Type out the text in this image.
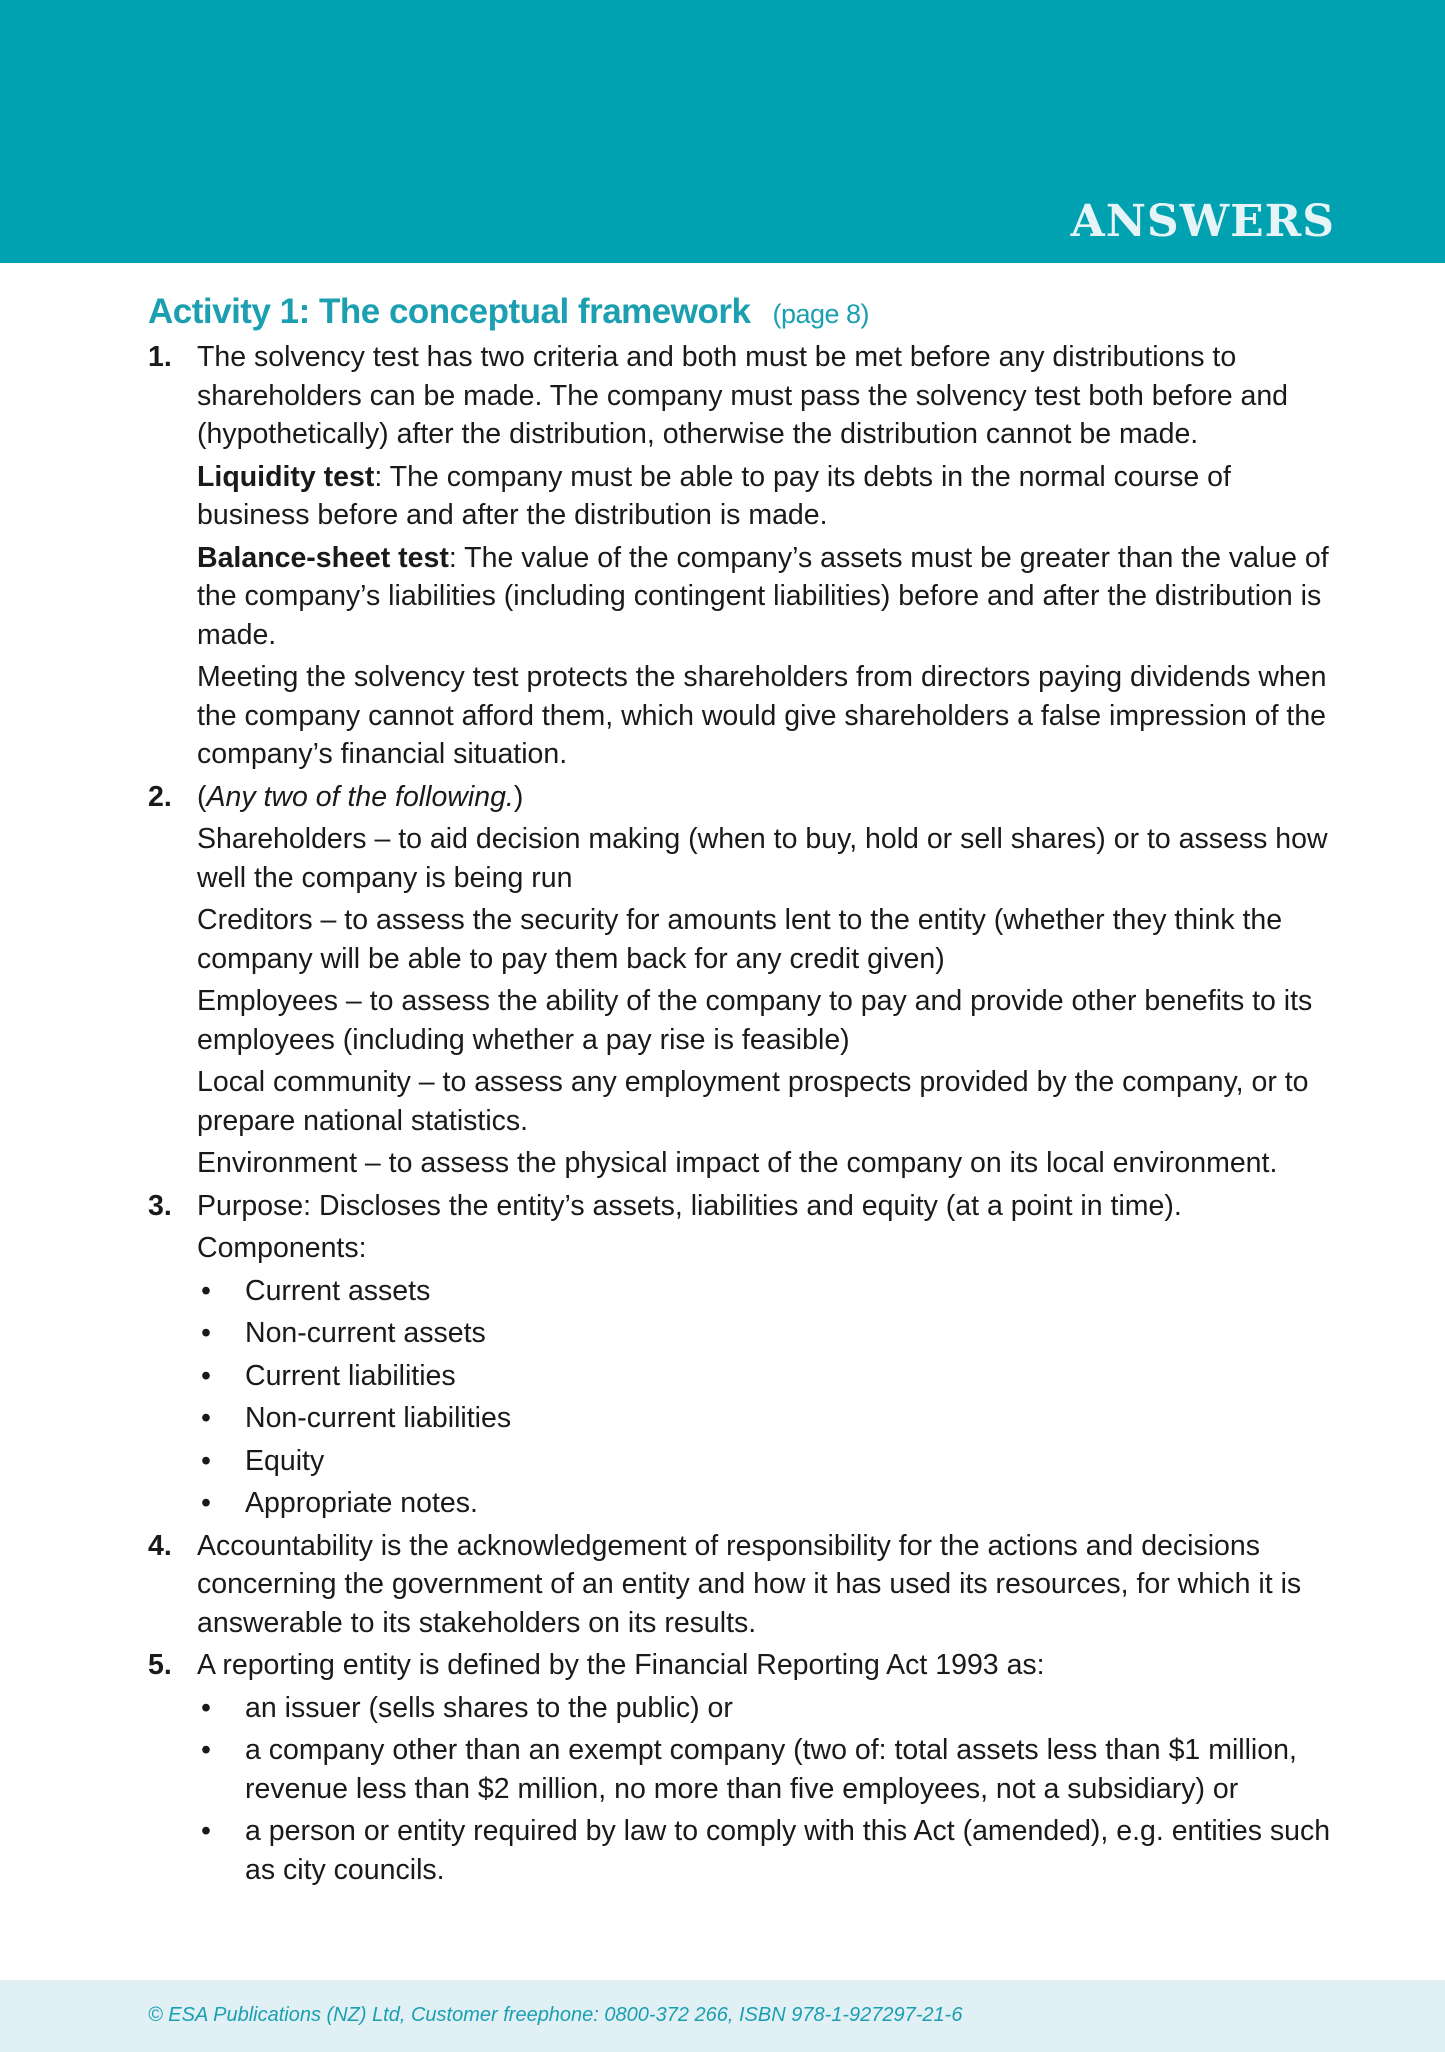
ANSWERS
Activity 1: The conceptual framework (page 8)
1. The solvency test has two criteria and both must be met before any distributions to shareholders can be made. The company must pass the solvency test both before and (hypothetically) after the distribution, otherwise the distribution cannot be made.

Liquidity test: The company must be able to pay its debts in the normal course of business before and after the distribution is made.

Balance-sheet test: The value of the company’s assets must be greater than the value of the company’s liabilities (including contingent liabilities) before and after the distribution is made.

Meeting the solvency test protects the shareholders from directors paying dividends when the company cannot afford them, which would give shareholders a false impression of the company’s financial situation.

2. (Any two of the following.)

Shareholders – to aid decision making (when to buy, hold or sell shares) or to assess how well the company is being run

Creditors – to assess the security for amounts lent to the entity (whether they think the company will be able to pay them back for any credit given)

Employees – to assess the ability of the company to pay and provide other benefits to its employees (including whether a pay rise is feasible)

Local community – to assess any employment prospects provided by the company, or to prepare national statistics.

Environment – to assess the physical impact of the company on its local environment.

3. Purpose: Discloses the entity’s assets, liabilities and equity (at a point in time).

Components:

• Current assets
• Non-current assets
• Current liabilities
• Non-current liabilities
• Equity
• Appropriate notes.
4. Accountability is the acknowledgement of responsibility for the actions and decisions concerning the government of an entity and how it has used its resources, for which it is answerable to its stakeholders on its results.

5. A reporting entity is defined by the Financial Reporting Act 1993 as:

• an issuer (sells shares to the public) or
• a company other than an exempt company (two of: total assets less than $1 million, revenue less than $2 million, no more than five employees, not a subsidiary) or
• a person or entity required by law to comply with this Act (amended), e.g. entities such as city councils.
© ESA Publications (NZ) Ltd, Customer freephone: 0800-372 266, ISBN 978-1-927297-21-6
